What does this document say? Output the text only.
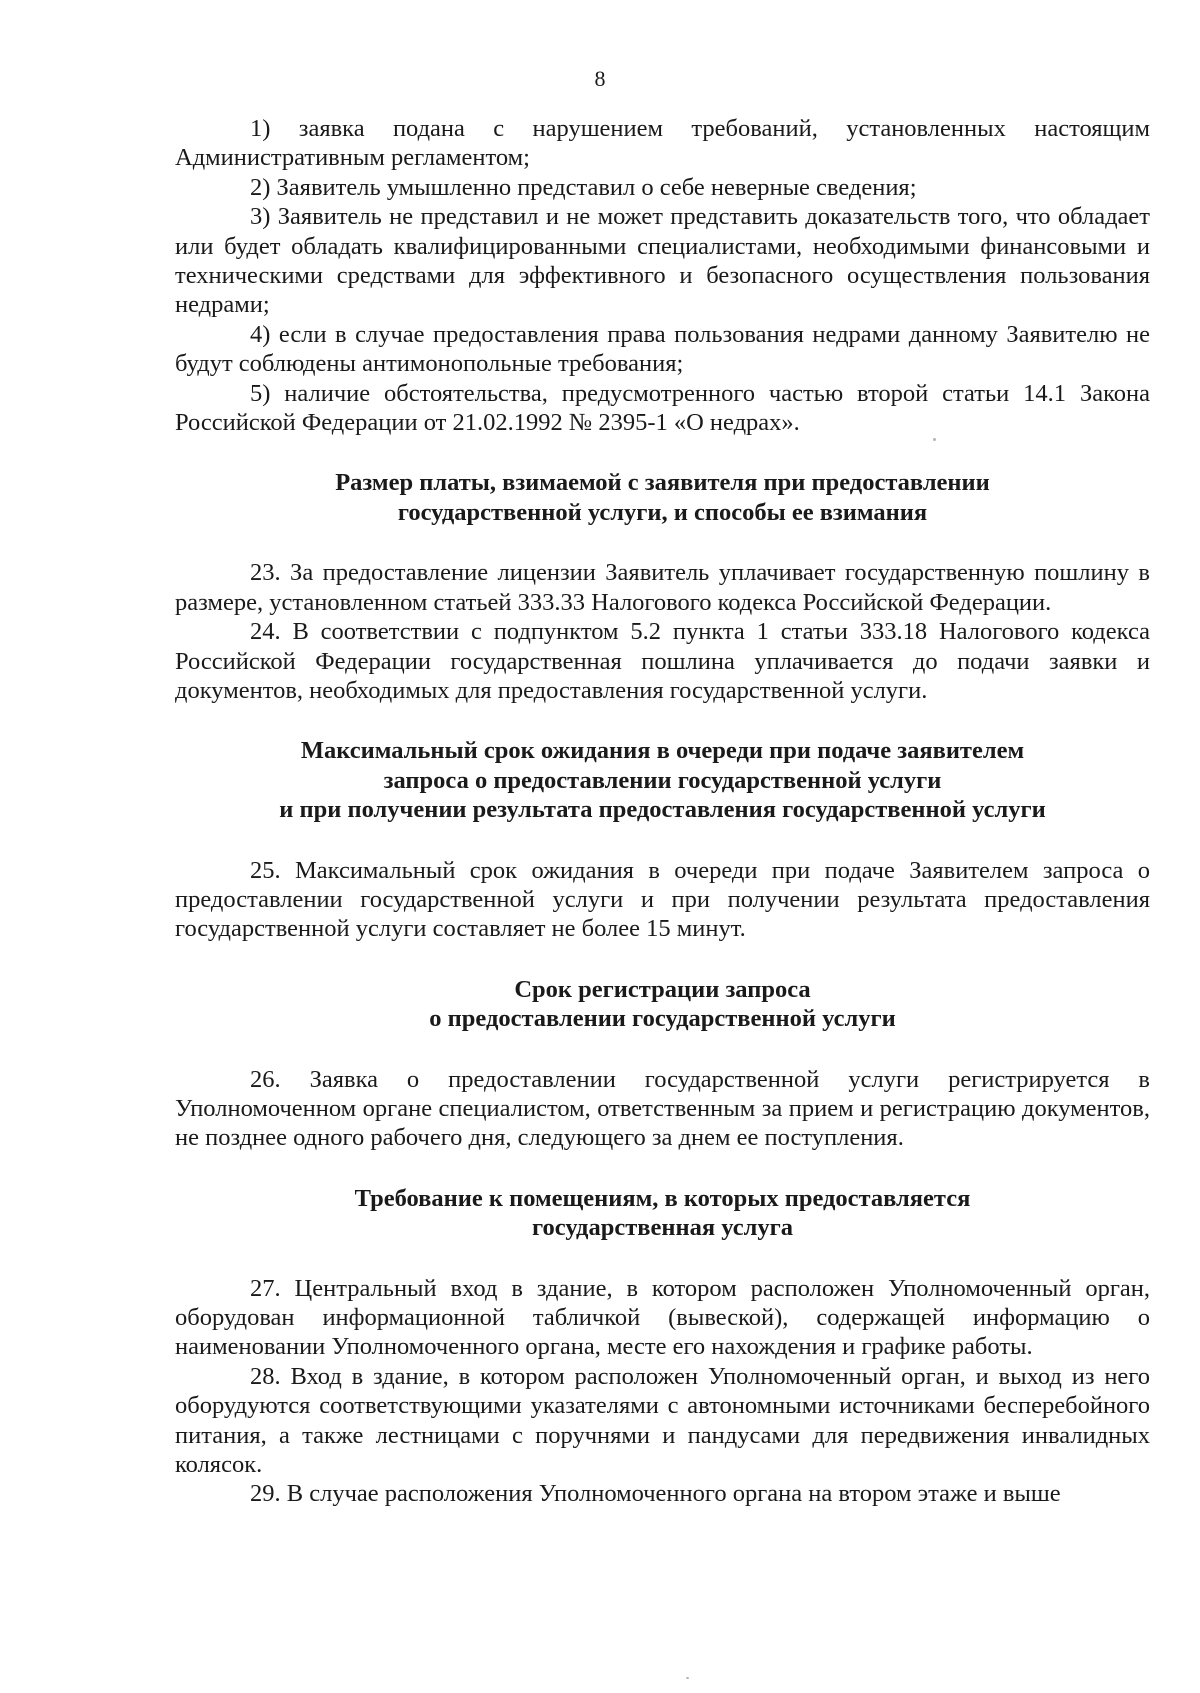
8

1) заявка подана с нарушением требований, установленных настоящим Административным регламентом;

2) Заявитель умышленно представил о себе неверные сведения;

3) Заявитель не представил и не может представить доказательств того, что обладает или будет обладать квалифицированными специалистами, необходимыми финансовыми и техническими средствами для эффективного и безопасного осуществления пользования недрами;

4) если в случае предоставления права пользования недрами данному Заявителю не будут соблюдены антимонопольные требования;

5) наличие обстоятельства, предусмотренного частью второй статьи 14.1 Закона Российской Федерации от 21.02.1992 № 2395-1 «О недрах».

Размер платы, взимаемой с заявителя при предоставлении
государственной услуги, и способы ее взимания

23. За предоставление лицензии Заявитель уплачивает государственную пошлину в размере, установленном статьей 333.33 Налогового кодекса Российской Федерации.

24. В соответствии с подпунктом 5.2 пункта 1 статьи 333.18 Налогового кодекса Российской Федерации государственная пошлина уплачивается до подачи заявки и документов, необходимых для предоставления государственной услуги.

Максимальный срок ожидания в очереди при подаче заявителем
запроса о предоставлении государственной услуги
и при получении результата предоставления государственной услуги

25. Максимальный срок ожидания в очереди при подаче Заявителем запроса о предоставлении государственной услуги и при получении результата предоставления государственной услуги составляет не более 15 минут.

Срок регистрации запроса
о предоставлении государственной услуги

26. Заявка о предоставлении государственной услуги регистрируется в Уполномоченном органе специалистом, ответственным за прием и регистрацию документов, не позднее одного рабочего дня, следующего за днем ее поступления.

Требование к помещениям, в которых предоставляется
государственная услуга

27. Центральный вход в здание, в котором расположен Уполномоченный орган, оборудован информационной табличкой (вывеской), содержащей информацию о наименовании Уполномоченного органа, месте его нахождения и графике работы.

28. Вход в здание, в котором расположен Уполномоченный орган, и выход из него оборудуются соответствующими указателями с автономными источниками бесперебойного питания, а также лестницами с поручнями и пандусами для передвижения инвалидных колясок.

29. В случае расположения Уполномоченного органа на втором этаже и выше
